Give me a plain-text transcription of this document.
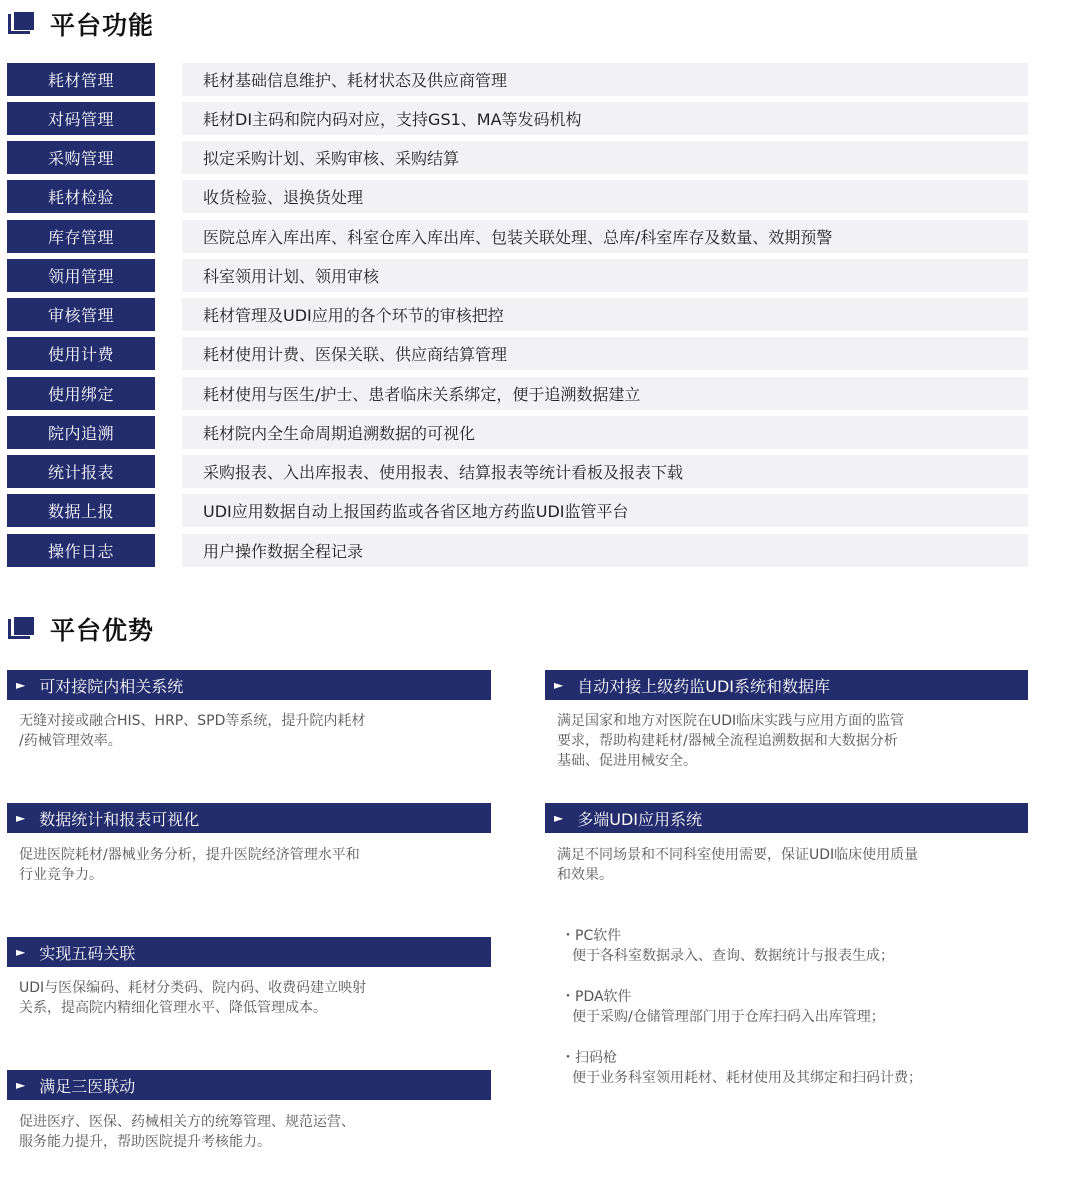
平台功能
耗材管理	耗材基础信息维护、耗材状态及供应商管理
对码管理	耗材DI主码和院内码对应，支持GS1、MA等发码机构
采购管理	拟定采购计划、采购审核、采购结算
耗材检验	收货检验、退换货处理
库存管理	医院总库入库出库、科室仓库入库出库、包装关联处理、总库/科室库存及数量、效期预警
领用管理	科室领用计划、领用审核
审核管理	耗材管理及UDI应用的各个环节的审核把控
使用计费	耗材使用计费、医保关联、供应商结算管理
使用绑定	耗材使用与医生/护士、患者临床关系绑定，便于追溯数据建立
院内追溯	耗材院内全生命周期追溯数据的可视化
统计报表	采购报表、入出库报表、使用报表、结算报表等统计看板及报表下载
数据上报	UDI应用数据自动上报国药监或各省区地方药监UDI监管平台
操作日志	用户操作数据全程记录
平台优势
► 可对接院内相关系统
无缝对接或融合HIS、HRP、SPD等系统，提升院内耗材
/药械管理效率。
► 数据统计和报表可视化
促进医院耗材/器械业务分析，提升医院经济管理水平和
行业竞争力。
► 实现五码关联
UDI与医保编码、耗材分类码、院内码、收费码建立映射
关系，提高院内精细化管理水平、降低管理成本。
► 满足三医联动
促进医疗、医保、药械相关方的统筹管理、规范运营、
服务能力提升，帮助医院提升考核能力。
► 自动对接上级药监UDI系统和数据库
满足国家和地方对医院在UDI临床实践与应用方面的监管
要求，帮助构建耗材/器械全流程追溯数据和大数据分析
基础、促进用械安全。
► 多端UDI应用系统
满足不同场景和不同科室使用需要，保证UDI临床使用质量
和效果。
・PC软件
便于各科室数据录入、查询、数据统计与报表生成；
・PDA软件
便于采购/仓储管理部门用于仓库扫码入出库管理；
・扫码枪
便于业务科室领用耗材、耗材使用及其绑定和扫码计费；
